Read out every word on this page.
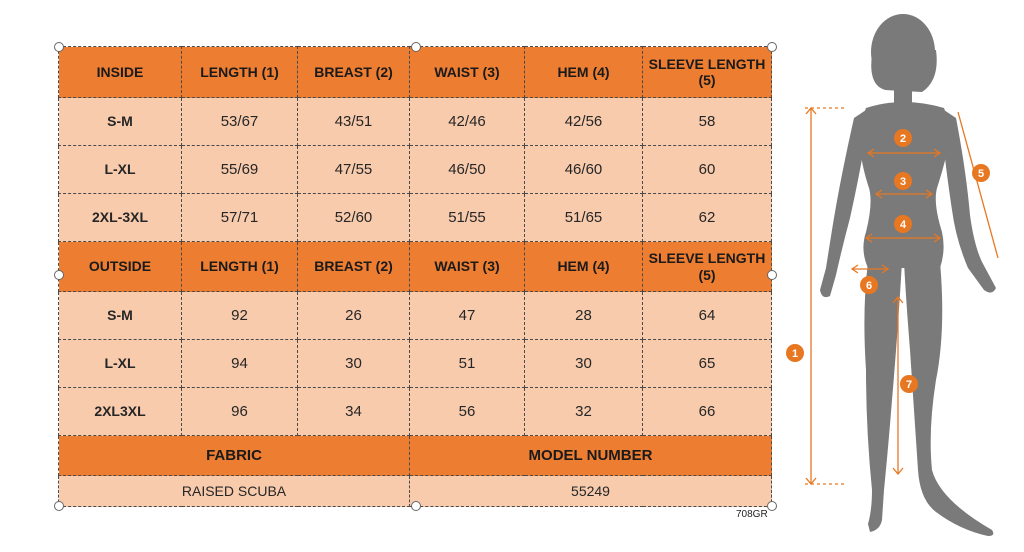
INSIDE	LENGTH (1)	BREAST (2)	WAIST (3)	HEM (4)	SLEEVE LENGTH (5)
S-M	53/67	43/51	42/46	42/56	58
L-XL	55/69	47/55	46/50	46/60	60
2XL-3XL	57/71	52/60	51/55	51/65	62
OUTSIDE	LENGTH (1)	BREAST (2)	WAIST (3)	HEM (4)	SLEEVE LENGTH (5)
S-M	92	26	47	28	64
L-XL	94	30	51	30	65
2XL3XL	96	34	56	32	66
FABRIC			MODEL NUMBER		
RAISED SCUBA			55249		
708GR
1
2
3
4
5
6
7
